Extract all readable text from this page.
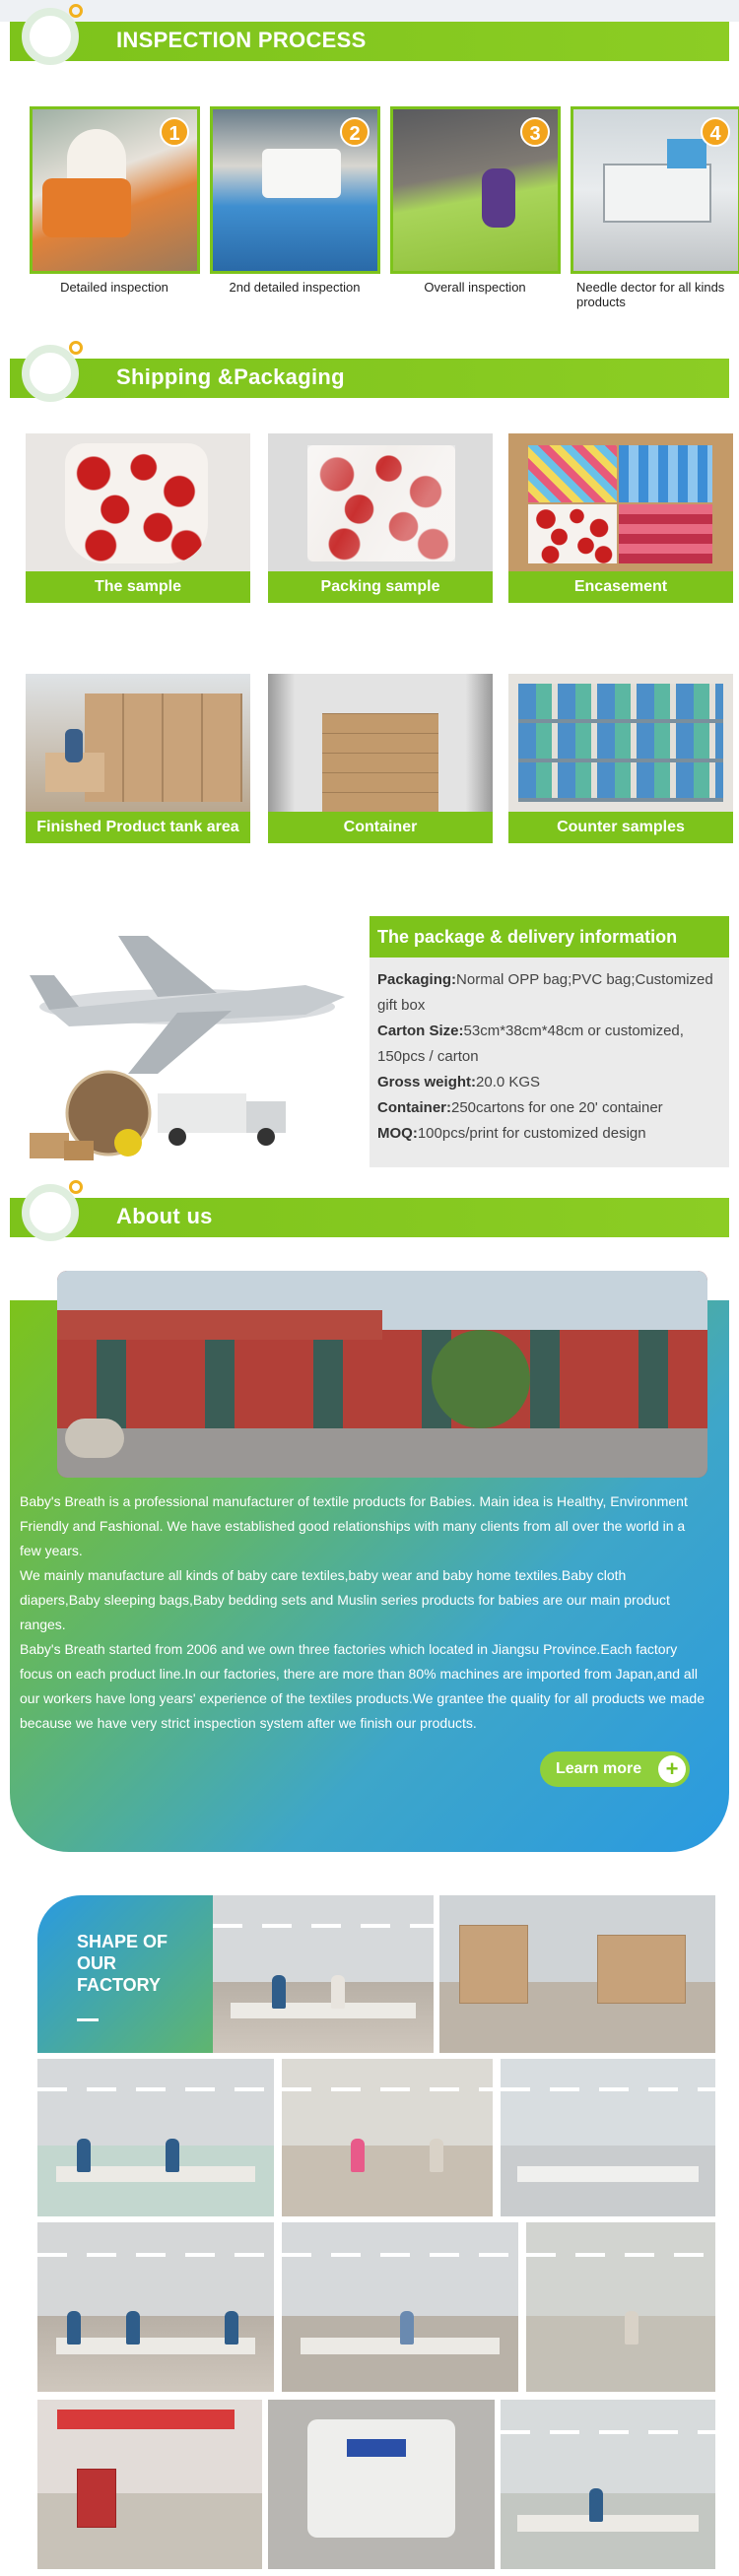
INSPECTION PROCESS
1	2	3	4
Detailed inspection	2nd detailed inspection	Overall inspection	Needle dector for all kinds products
Shipping &Packaging
The sample	Packing sample	Encasement
Finished Product tank area	Container	Counter samples
The package & delivery information
Packaging:Normal OPP bag;PVC bag;Customized gift box
Carton Size:53cm*38cm*48cm or customized, 150pcs / carton
Gross weight:20.0 KGS
Container:250cartons for one 20' container
MOQ:100pcs/print for customized design
About us

Baby's Breath is a professional manufacturer of textile products for Babies. Main idea is Healthy, Environment Friendly and Fashional. We have established good relationships with many clients from all over the world in a few years.

We mainly manufacture all kinds of baby care textiles,baby wear and baby home textiles.Baby cloth diapers,Baby sleeping bags,Baby bedding sets and Muslin series products for babies are our main product ranges.

Baby's Breath started from 2006 and we own three factories which located in Jiangsu Province.Each factory focus on each product line.In our factories, there are more than 80% machines are imported from Japan,and all our workers have long years' experience of the textiles products.We grantee the quality for all products we made because we have very strict inspection system after we finish our products.

Learn more	+
SHAPE OF OUR FACTORY
